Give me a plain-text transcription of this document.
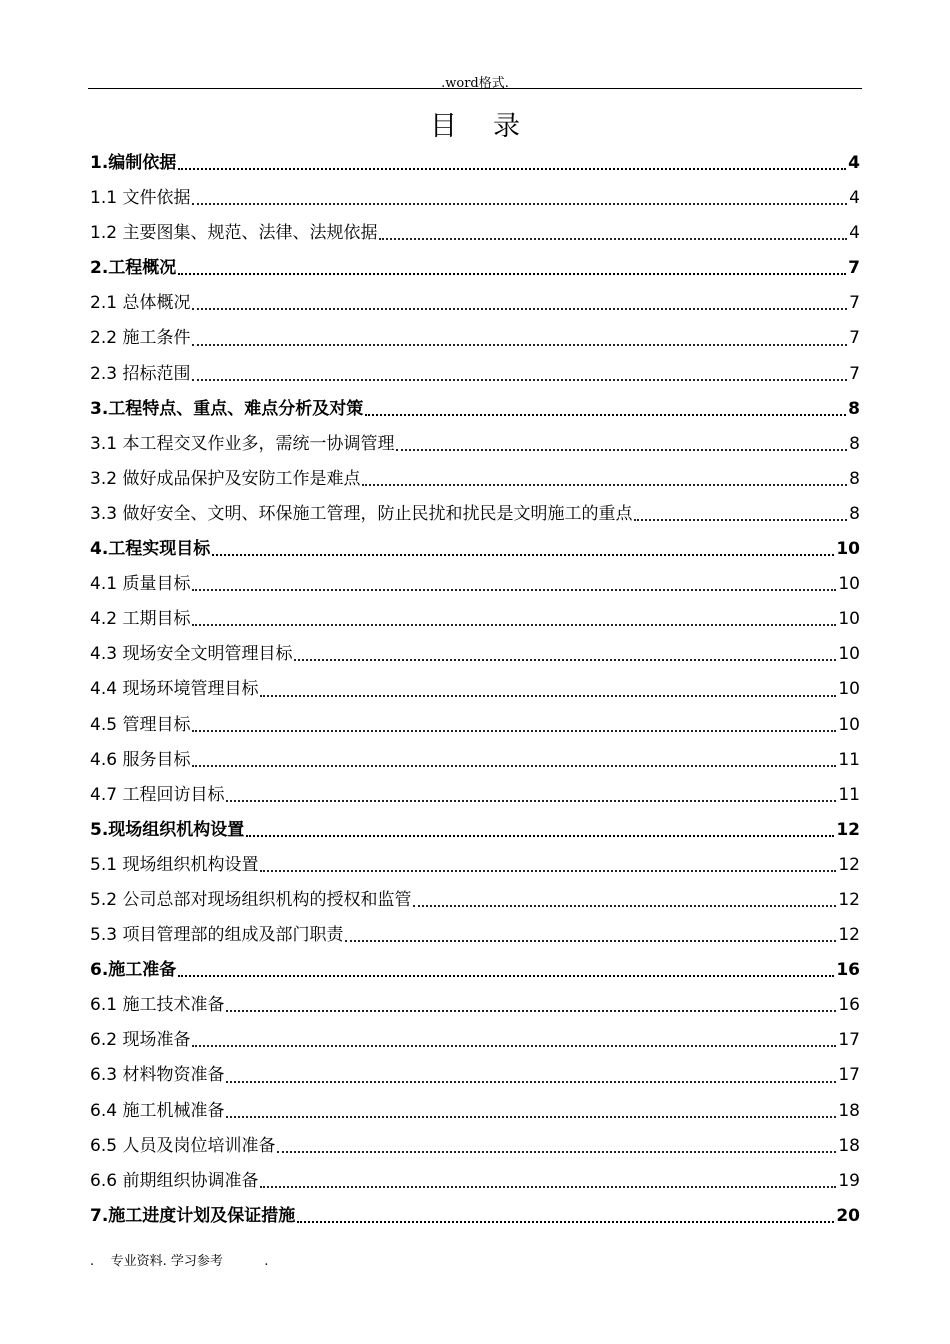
.word格式.
目录
1.编制依据	4
1.1 文件依据	4
1.2 主要图集、规范、法律、法规依据	4
2.工程概况	7
2.1 总体概况	7
2.2 施工条件	7
2.3 招标范围	7
3.工程特点、重点、难点分析及对策	8
3.1 本工程交叉作业多，需统一协调管理	8
3.2 做好成品保护及安防工作是难点	8
3.3 做好安全、文明、环保施工管理，防止民扰和扰民是文明施工的重点	8
4.工程实现目标	10
4.1 质量目标	10
4.2 工期目标	10
4.3 现场安全文明管理目标	10
4.4 现场环境管理目标	10
4.5 管理目标	10
4.6 服务目标	11
4.7 工程回访目标	11
5.现场组织机构设置	12
5.1 现场组织机构设置	12
5.2 公司总部对现场组织机构的授权和监管	12
5.3 项目管理部的组成及部门职责	12
6.施工准备	16
6.1 施工技术准备	16
6.2 现场准备	17
6.3 材料物资准备	17
6.4 施工机械准备	18
6.5 人员及岗位培训准备	18
6.6 前期组织协调准备	19
7.施工进度计划及保证措施	20
.    专业资料. 学习参考          .
